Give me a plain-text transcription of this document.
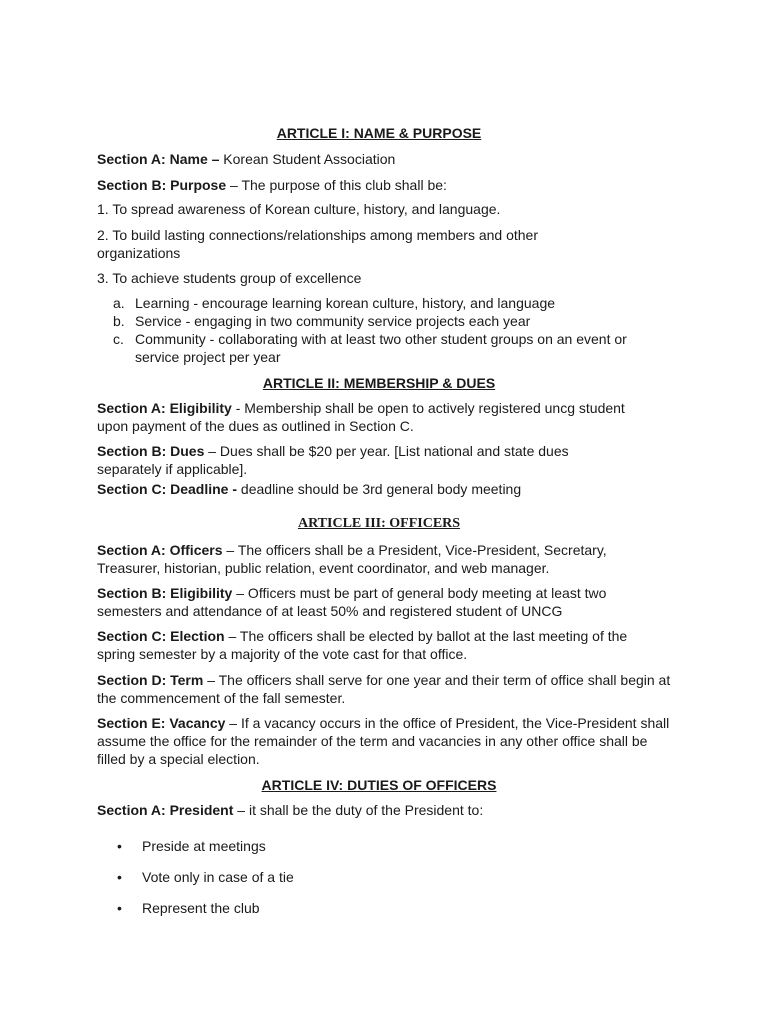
ARTICLE I: NAME & PURPOSE
Section A: Name – Korean Student Association
Section B: Purpose – The purpose of this club shall be:
1. To spread awareness of Korean culture, history, and language.
2. To build lasting connections/relationships among members and other organizations
3. To achieve students group of excellence
a. Learning - encourage learning korean culture, history, and language
b. Service - engaging in two community service projects each year
c. Community - collaborating with at least two other student groups on an event or service project per year
ARTICLE II: MEMBERSHIP & DUES
Section A: Eligibility - Membership shall be open to actively registered uncg student upon payment of the dues as outlined in Section C.
Section B: Dues – Dues shall be $20 per year. [List national and state dues separately if applicable].
Section C: Deadline - deadline should be 3rd general body meeting
ARTICLE III: OFFICERS
Section A: Officers – The officers shall be a President, Vice-President, Secretary, Treasurer, historian, public relation, event coordinator, and web manager.
Section B: Eligibility – Officers must be part of general body meeting at least two semesters and attendance of at least 50% and registered student of UNCG
Section C: Election – The officers shall be elected by ballot at the last meeting of the spring semester by a majority of the vote cast for that office.
Section D: Term – The officers shall serve for one year and their term of office shall begin at the commencement of the fall semester.
Section E: Vacancy – If a vacancy occurs in the office of President, the Vice-President shall assume the office for the remainder of the term and vacancies in any other office shall be filled by a special election.
ARTICLE IV: DUTIES OF OFFICERS
Section A: President – it shall be the duty of the President to:
• Preside at meetings
• Vote only in case of a tie
• Represent the club
